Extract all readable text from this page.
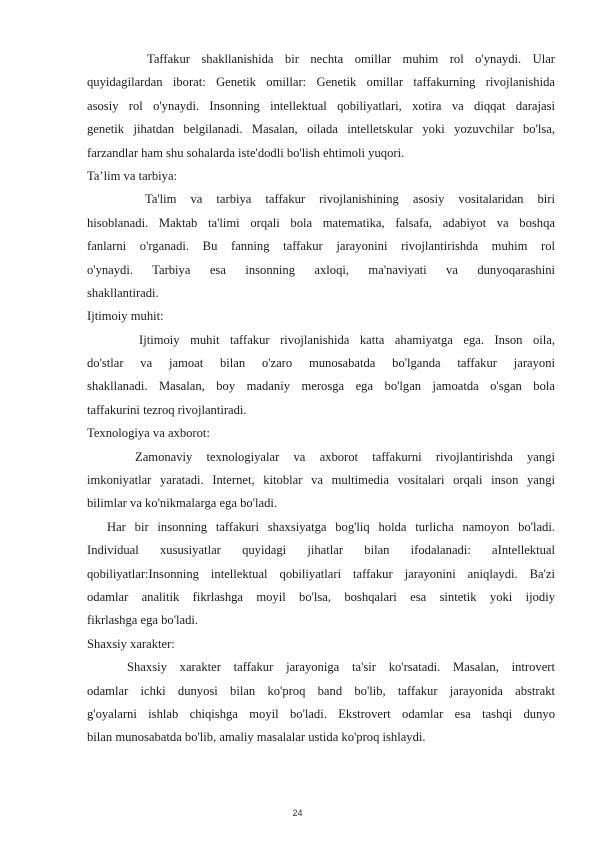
Taffakur shakllanishida bir nechta omillar muhim rol o'ynaydi. Ular
quyidagilardan iborat: Genetik omillar: Genetik omillar taffakurning rivojlanishida
asosiy rol o'ynaydi. Insonning intellektual qobiliyatlari, xotira va diqqat darajasi
genetik jihatdan belgilanadi. Masalan, oilada intelletskular yoki yozuvchilar bo'lsa,
farzandlar ham shu sohalarda iste'dodli bo'lish ehtimoli yuqori.
Ta’lim va tarbiya:
Ta'lim va tarbiya taffakur rivojlanishining asosiy vositalaridan biri
hisoblanadi. Maktab ta'limi orqali bola matematika, falsafa, adabiyot va boshqa
fanlarni o'rganadi. Bu fanning taffakur jarayonini rivojlantirishda muhim rol
o'ynaydi. Tarbiya esa insonning axloqi, ma'naviyati va dunyoqarashini
shakllantiradi.
Ijtimoiy muhit:
Ijtimoiy muhit taffakur rivojlanishida katta ahamiyatga ega. Inson oila,
do'stlar va jamoat bilan o'zaro munosabatda bo'lganda taffakur jarayoni
shakllanadi. Masalan, boy madaniy merosga ega bo'lgan jamoatda o'sgan bola
taffakurini tezroq rivojlantiradi.
Texnologiya va axborot:
Zamonaviy texnologiyalar va axborot taffakurni rivojlantirishda yangi
imkoniyatlar yaratadi. Internet, kitoblar va multimedia vositalari orqali inson yangi
bilimlar va ko'nikmalarga ega bo'ladi.
Har bir insonning taffakuri shaxsiyatga bog'liq holda turlicha namoyon bo'ladi.
Individual xususiyatlar quyidagi jihatlar bilan ifodalanadi: aIntellektual
qobiliyatlar:Insonning intellektual qobiliyatlari taffakur jarayonini aniqlaydi. Ba'zi
odamlar analitik fikrlashga moyil bo'lsa, boshqalari esa sintetik yoki ijodiy
fikrlashga ega bo'ladi.
Shaxsiy xarakter:
Shaxsiy xarakter taffakur jarayoniga ta'sir ko'rsatadi. Masalan, introvert
odamlar ichki dunyosi bilan ko'proq band bo'lib, taffakur jarayonida abstrakt
g'oyalarni ishlab chiqishga moyil bo'ladi. Ekstrovert odamlar esa tashqi dunyo
bilan munosabatda bo'lib, amaliy masalalar ustida ko'proq ishlaydi.
24
